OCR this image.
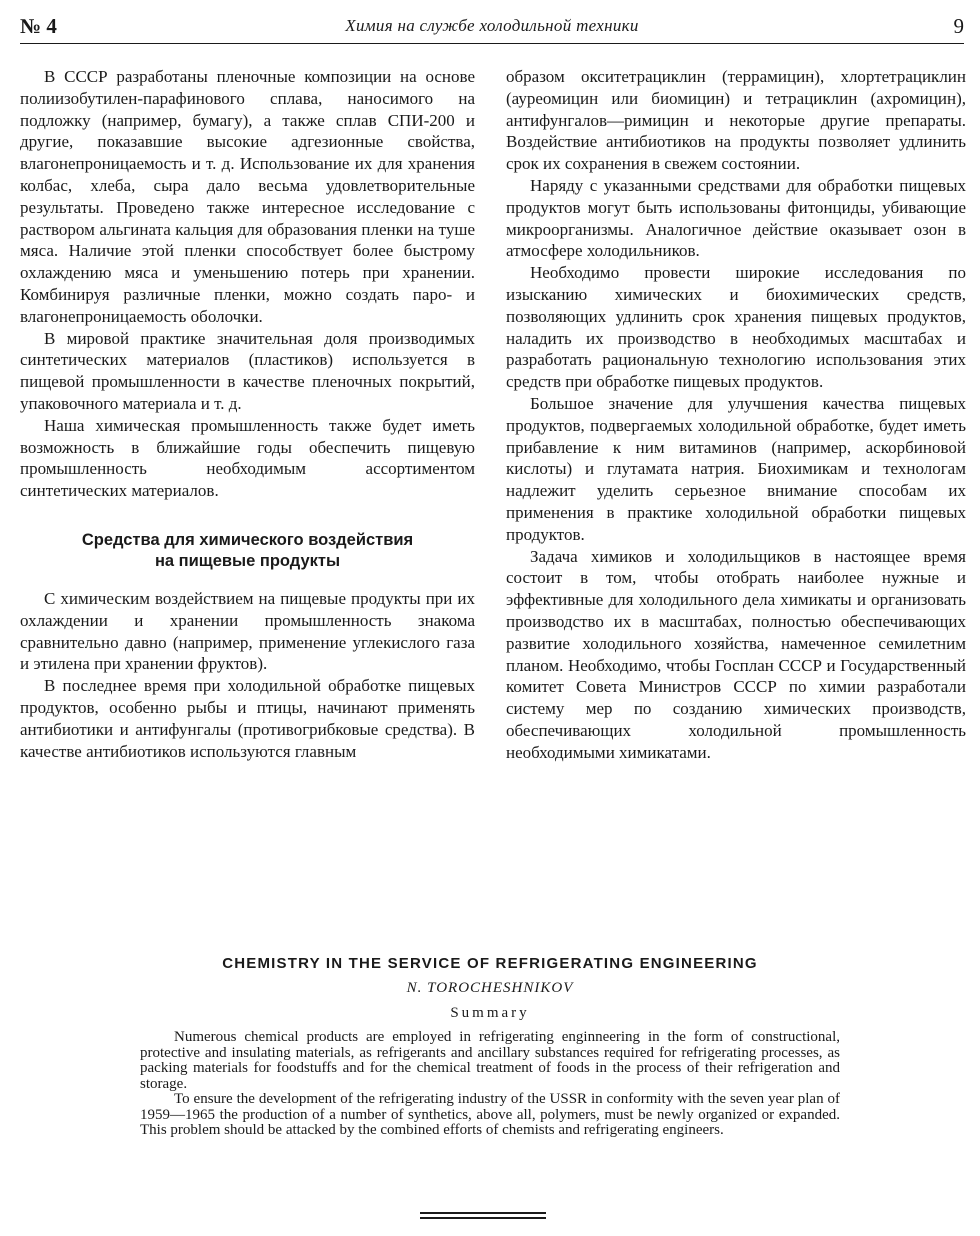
№ 4	Химия на службе холодильной техники	9

В СССР разработаны пленочные композиции на основе полиизобутилен-парафинового сплава, наносимого на подложку (например, бумагу), а также сплав СПИ-200 и другие, показавшие высокие адгезионные свойства, влагонепроницаемость и т. д. Использование их для хранения колбас, хлеба, сыра дало весьма удовлетворительные результаты. Проведено также интересное исследование с раствором альгината кальция для образования пленки на туше мяса. Наличие этой пленки способствует более быстрому охлаждению мяса и уменьшению потерь при хранении. Комбинируя различные пленки, можно создать паро- и влагонепроницаемость оболочки.

В мировой практике значительная доля производимых синтетических материалов (пластиков) используется в пищевой промышленности в качестве пленочных покрытий, упаковочного материала и т. д.

Наша химическая промышленность также будет иметь возможность в ближайшие годы обеспечить пищевую промышленность необходимым ассортиментом синтетических материалов.

Средства для химического воздействия
на пищевые продукты

С химическим воздействием на пищевые продукты при их охлаждении и хранении промышленность знакома сравнительно давно (например, применение углекислого газа и этилена при хранении фруктов).

В последнее время при холодильной обработке пищевых продуктов, особенно рыбы и птицы, начинают применять антибиотики и антифунгалы (противогрибковые средства). В качестве антибиотиков используются главным

образом окситетрациклин (террамицин), хлортетрациклин (ауреомицин или биомицин) и тетрациклин (ахромицин), антифунгалов—римицин и некоторые другие препараты. Воздействие антибиотиков на продукты позволяет удлинить срок их сохранения в свежем состоянии.

Наряду с указанными средствами для обработки пищевых продуктов могут быть использованы фитонциды, убивающие микроорганизмы. Аналогичное действие оказывает озон в атмосфере холодильников.

Необходимо провести широкие исследования по изысканию химических и биохимических средств, позволяющих удлинить срок хранения пищевых продуктов, наладить их производство в необходимых масштабах и разработать рациональную технологию использования этих средств при обработке пищевых продуктов.

Большое значение для улучшения качества пищевых продуктов, подвергаемых холодильной обработке, будет иметь прибавление к ним витаминов (например, аскорбиновой кислоты) и глутамата натрия. Биохимикам и технологам надлежит уделить серьезное внимание способам их применения в практике холодильной обработки пищевых продуктов.

Задача химиков и холодильщиков в настоящее время состоит в том, чтобы отобрать наиболее нужные и эффективные для холодильного дела химикаты и организовать производство их в масштабах, полностью обеспечивающих развитие холодильного хозяйства, намеченное семилетним планом. Необходимо, чтобы Госплан СССР и Государственный комитет Совета Министров СССР по химии разработали систему мер по созданию химических производств, обеспечивающих холодильной промышленность необходимыми химикатами.

CHEMISTRY IN THE SERVICE OF REFRIGERATING ENGINEERING
N. TOROCHESHNIKOV
Summary

Numerous chemical products are employed in refrigerating enginneering in the form of constructional, protective and insulating materials, as refrigerants and ancillary substances required for refrigerating processes, as packing materials for foodstuffs and for the chemical treatment of foods in the process of their refrigeration and storage.

To ensure the development of the refrigerating industry of the USSR in conformity with the seven year plan of 1959—1965 the production of a number of synthetics, above all, polymers, must be newly organized or expanded. This problem should be attacked by the combined efforts of chemists and refrigerating engineers.
